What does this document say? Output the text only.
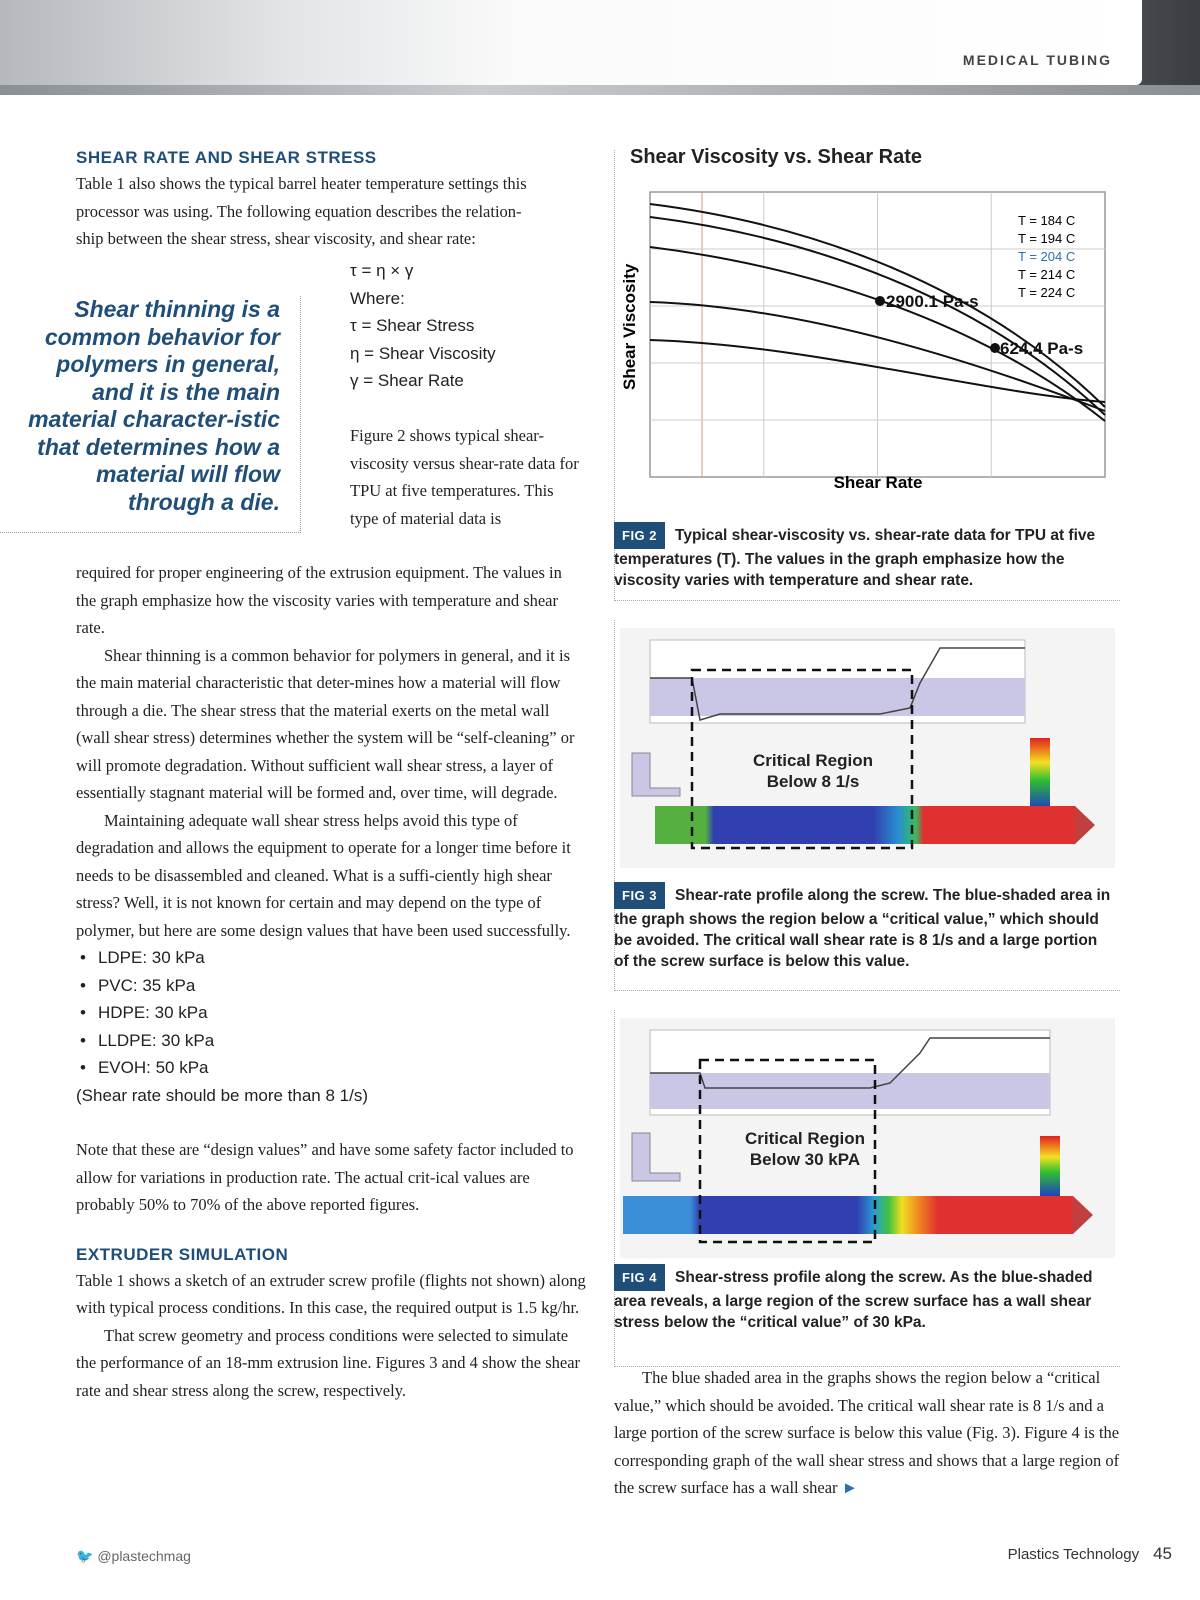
MEDICAL TUBING
SHEAR RATE AND SHEAR STRESS

Table 1 also shows the typical barrel heater temperature settings this

processor was using. The following equation describes the relation-

ship between the shear stress, shear viscosity, and shear rate:

τ = η × γ
Where:
τ = Shear Stress
η = Shear Viscosity
γ = Shear Rate
Shear thinning is a common behavior for polymers in general, and it is the main material character-istic that determines how a material will flow through a die.
Figure 2 shows typical shear-viscosity versus shear-rate data for TPU at five temperatures. This type of material data is

required for proper engineering of the extrusion equipment. The values in the graph emphasize how the viscosity varies with temperature and shear rate.

Shear thinning is a common behavior for polymers in general, and it is the main material characteristic that deter-mines how a material will flow through a die. The shear stress that the material exerts on the metal wall (wall shear stress) determines whether the system will be “self-cleaning” or will promote degradation. Without sufficient wall shear stress, a layer of essentially stagnant material will be formed and, over time, will degrade.

Maintaining adequate wall shear stress helps avoid this type of degradation and allows the equipment to operate for a longer time before it needs to be disassembled and cleaned. What is a suffi-ciently high shear stress? Well, it is not known for certain and may depend on the type of polymer, but here are some design values that have been used successfully.

• LDPE: 30 kPa
• PVC: 35 kPa
• HDPE: 30 kPa
• LLDPE: 30 kPa
• EVOH: 50 kPa
(Shear rate should be more than 8 1/s)

Note that these are “design values” and have some safety factor included to allow for variations in production rate. The actual crit-ical values are probably 50% to 70% of the above reported figures.

EXTRUDER SIMULATION

Table 1 shows a sketch of an extruder screw profile (flights not shown) along with typical process conditions. In this case, the required output is 1.5 kg/hr.

That screw geometry and process conditions were selected to simulate the performance of an 18-mm extrusion line. Figures 3 and 4 show the shear rate and shear stress along the screw, respectively.

Shear Viscosity vs. Shear Rate
2900.1 Pa-s
624.4 Pa-s
T = 184 C
T = 194 C
T = 204 C
T = 214 C
T = 224 C
Shear Rate
Shear Viscosity
FIG 2 Typical shear-viscosity vs. shear-rate data for TPU at five temperatures (T). The values in the graph emphasize how the viscosity varies with temperature and shear rate.
Critical Region Below 8 1/s
FIG 3 Shear-rate profile along the screw. The blue-shaded area in the graph shows the region below a “critical value,” which should be avoided. The critical wall shear rate is 8 1/s and a large portion of the screw surface is below this value.
Critical Region Below 30 kPA
FIG 4 Shear-stress profile along the screw. As the blue-shaded area reveals, a large region of the screw surface has a wall shear stress below the “critical value” of 30 kPa.

The blue shaded area in the graphs shows the region below a “critical value,” which should be avoided. The critical wall shear rate is 8 1/s and a large portion of the screw surface is below this value (Fig. 3). Figure 4 is the corresponding graph of the wall shear stress and shows that a large region of the screw surface has a wall shear ►

🐦 @plastechmag	Plastics Technology 45
